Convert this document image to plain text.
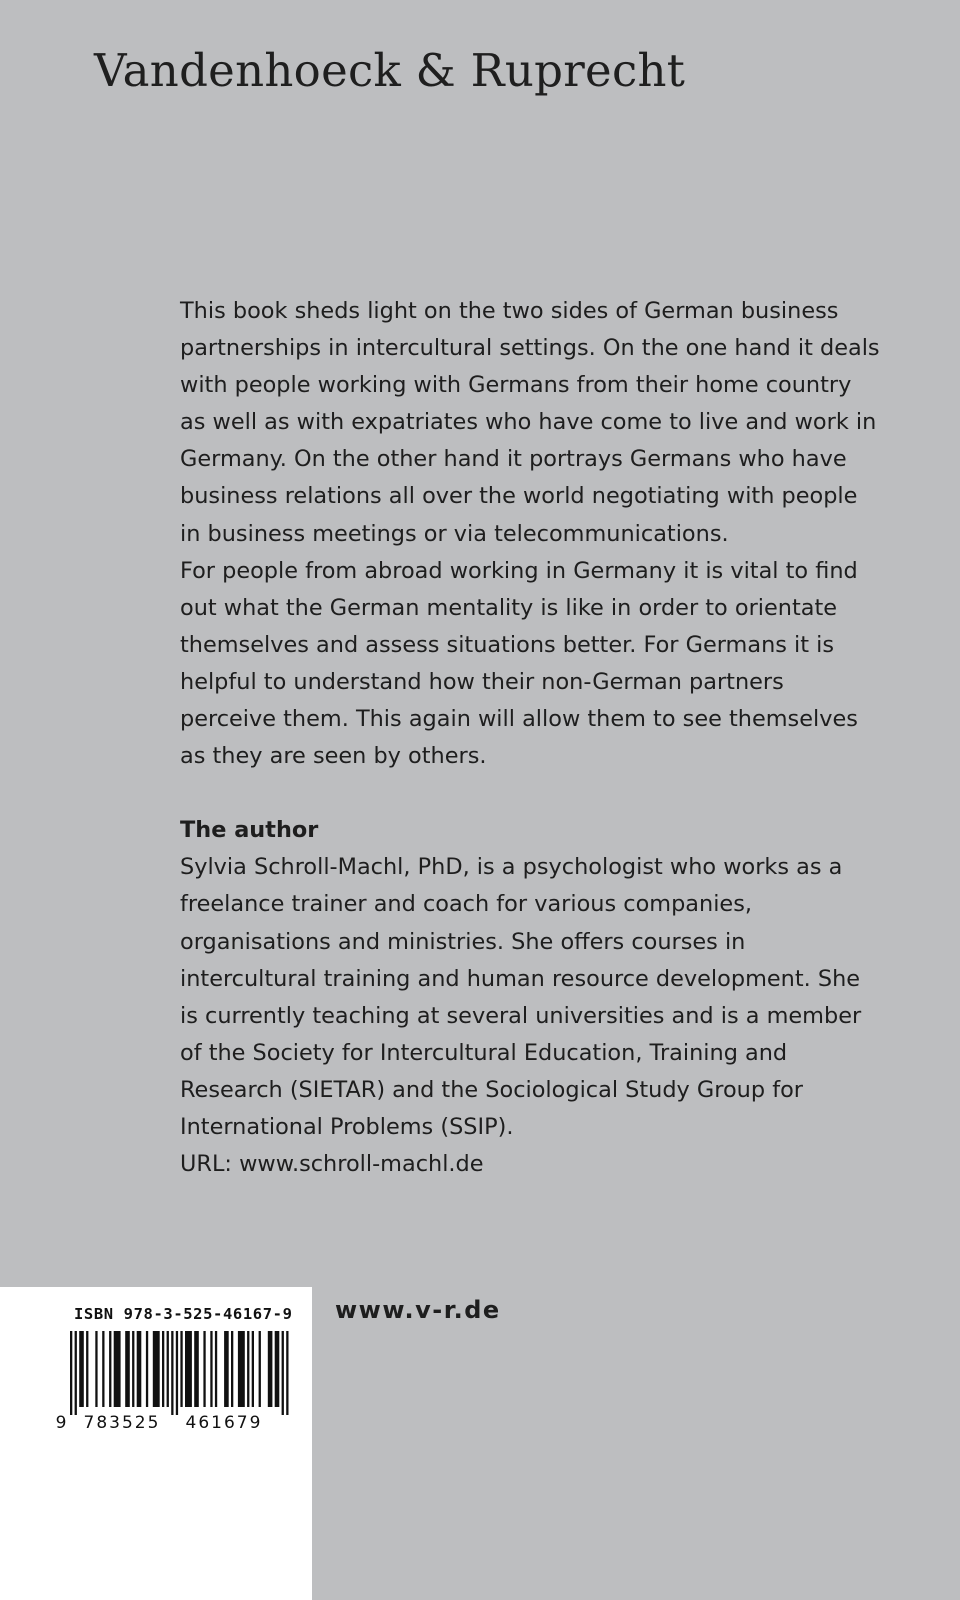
Vandenhoeck & Ruprecht

This book sheds light on the two sides of German business partnerships in intercultural settings. On the one hand it deals with people working with Germans from their home country as well as with expatriates who have come to live and work in Germany. On the other hand it portrays Germans who have business relations all over the world negotiating with people in business meetings or via telecommunications.

For people from abroad working in Germany it is vital to find out what the German mentality is like in order to orientate themselves and assess situations better. For Germans it is helpful to understand how their non-German partners perceive them. This again will allow them to see themselves as they are seen by others.

The author

Sylvia Schroll-Machl, PhD, is a psychologist who works as a freelance trainer and coach for various companies, organisations and ministries. She offers courses in intercultural training and human resource development. She is currently teaching at several universities and is a member of the Society for Intercultural Education, Training and Research (SIETAR) and the Sociological Study Group for International Problems (SSIP).

URL: www.schroll-machl.de

ISBN 978-3-525-46167-9
9 783525 461679
www.v-r.de
